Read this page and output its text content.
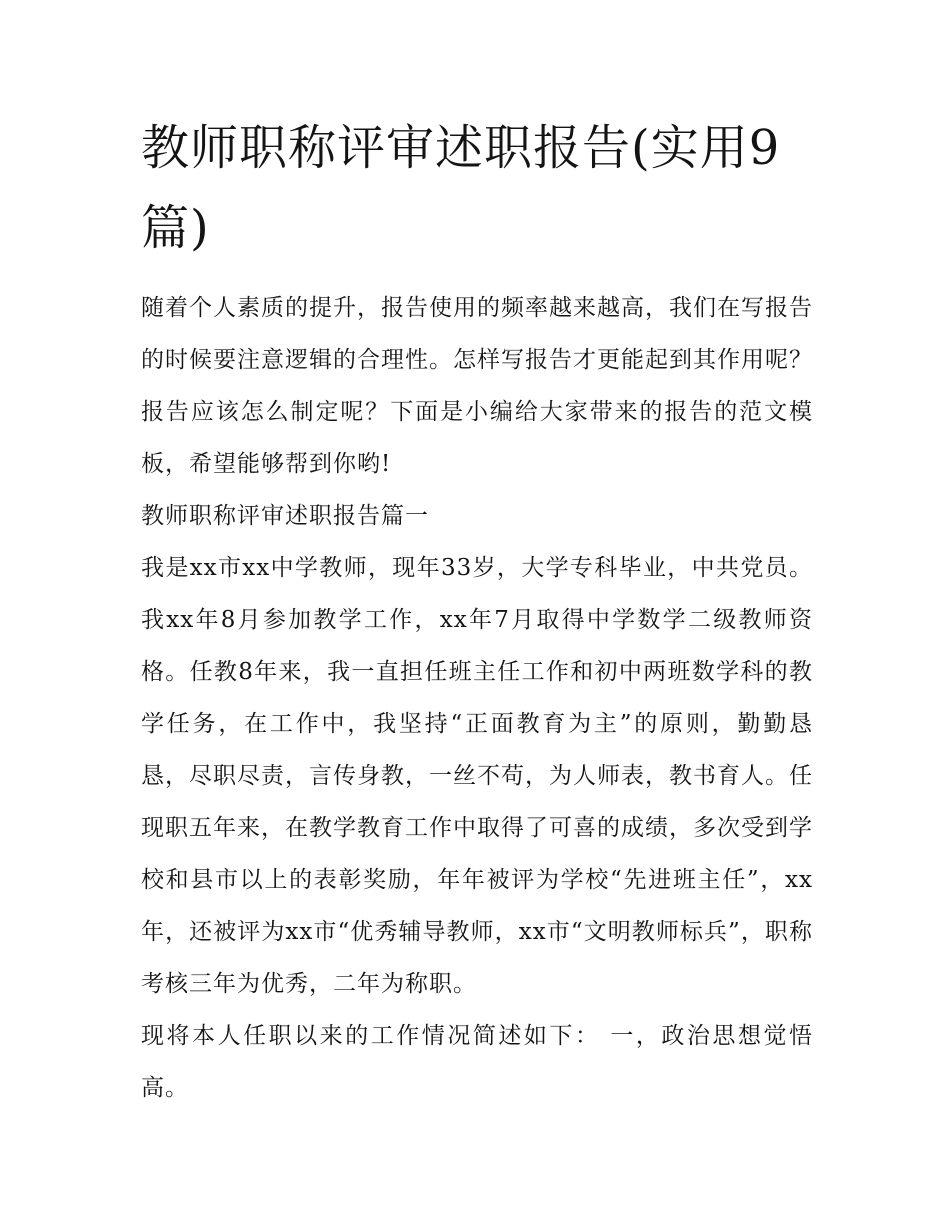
教师职称评审述职报告(实用9篇)

随着个人素质的提升，报告使用的频率越来越高，我们在写报告的时候要注意逻辑的合理性。怎样写报告才更能起到其作用呢？报告应该怎么制定呢？下面是小编给大家带来的报告的范文模板，希望能够帮到你哟!

教师职称评审述职报告篇一

我是xx市xx中学教师，现年33岁，大学专科毕业，中共党员。我xx年8月参加教学工作，xx年7月取得中学数学二级教师资格。任教8年来，我一直担任班主任工作和初中两班数学科的教学任务，在工作中，我坚持“正面教育为主”的原则，勤勤恳恳，尽职尽责，言传身教，一丝不苟，为人师表，教书育人。任现职五年来，在教学教育工作中取得了可喜的成绩，多次受到学校和县市以上的表彰奖励，年年被评为学校“先进班主任”，xx年，还被评为xx市“优秀辅导教师，xx市“文明教师标兵”，职称考核三年为优秀，二年为称职。

现将本人任职以来的工作情况简述如下： 一，政治思想觉悟高。
